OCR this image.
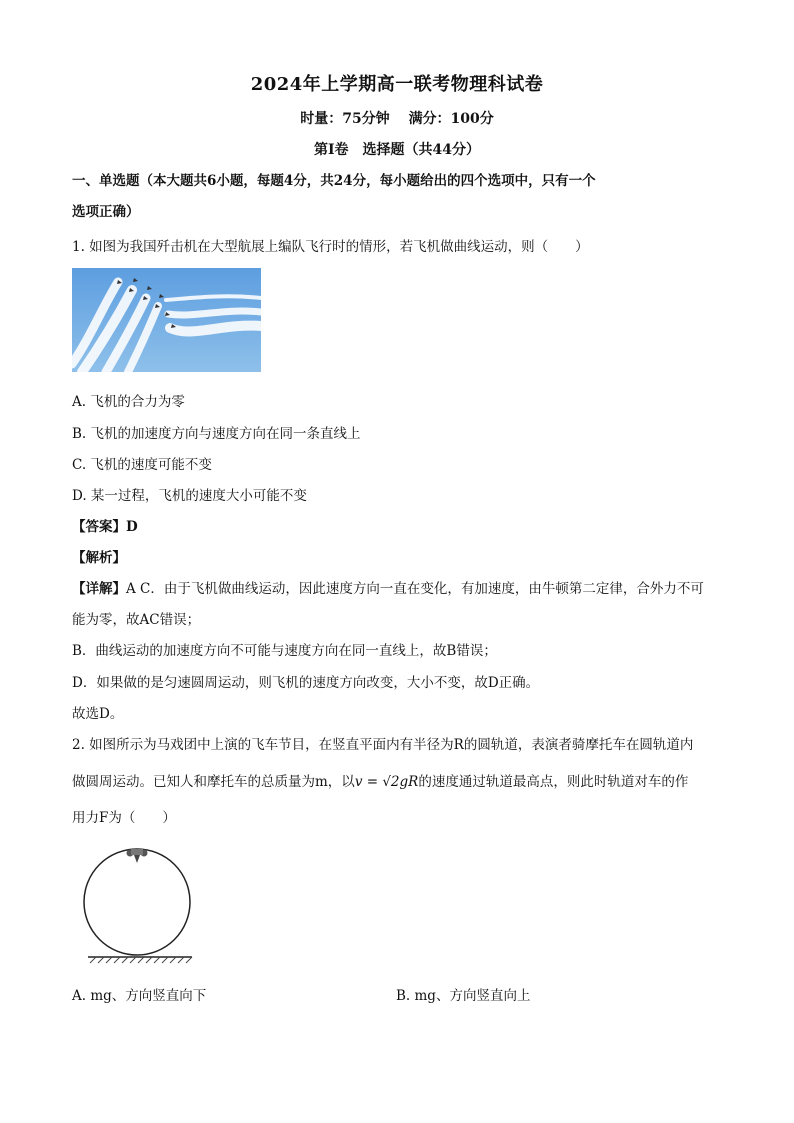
2024年上学期高一联考物理科试卷
时量：75分钟 满分：100分
第Ⅰ卷　选择题（共44分）
一、单选题（本大题共6小题，每题4分，共24分，每小题给出的四个选项中，只有一个
选项正确）
1. 如图为我国歼击机在大型航展上编队飞行时的情形，若飞机做曲线运动，则（　　）
A. 飞机的合力为零
B. 飞机的加速度方向与速度方向在同一条直线上
C. 飞机的速度可能不变
D. 某一过程，飞机的速度大小可能不变
【答案】D
【解析】
【详解】A C．由于飞机做曲线运动，因此速度方向一直在变化，有加速度，由牛顿第二定律，合外力不可
能为零，故AC错误；
B．曲线运动的加速度方向不可能与速度方向在同一直线上，故B错误；
D．如果做的是匀速圆周运动，则飞机的速度方向改变，大小不变，故D正确。
故选D。
2. 如图所示为马戏团中上演的飞车节目，在竖直平面内有半径为R的圆轨道，表演者骑摩托车在圆轨道内
做圆周运动。已知人和摩托车的总质量为m，以v = √2gR的速度通过轨道最高点，则此时轨道对车的作
用力F为（　　）
A. mg、方向竖直向下	B. mg、方向竖直向上
